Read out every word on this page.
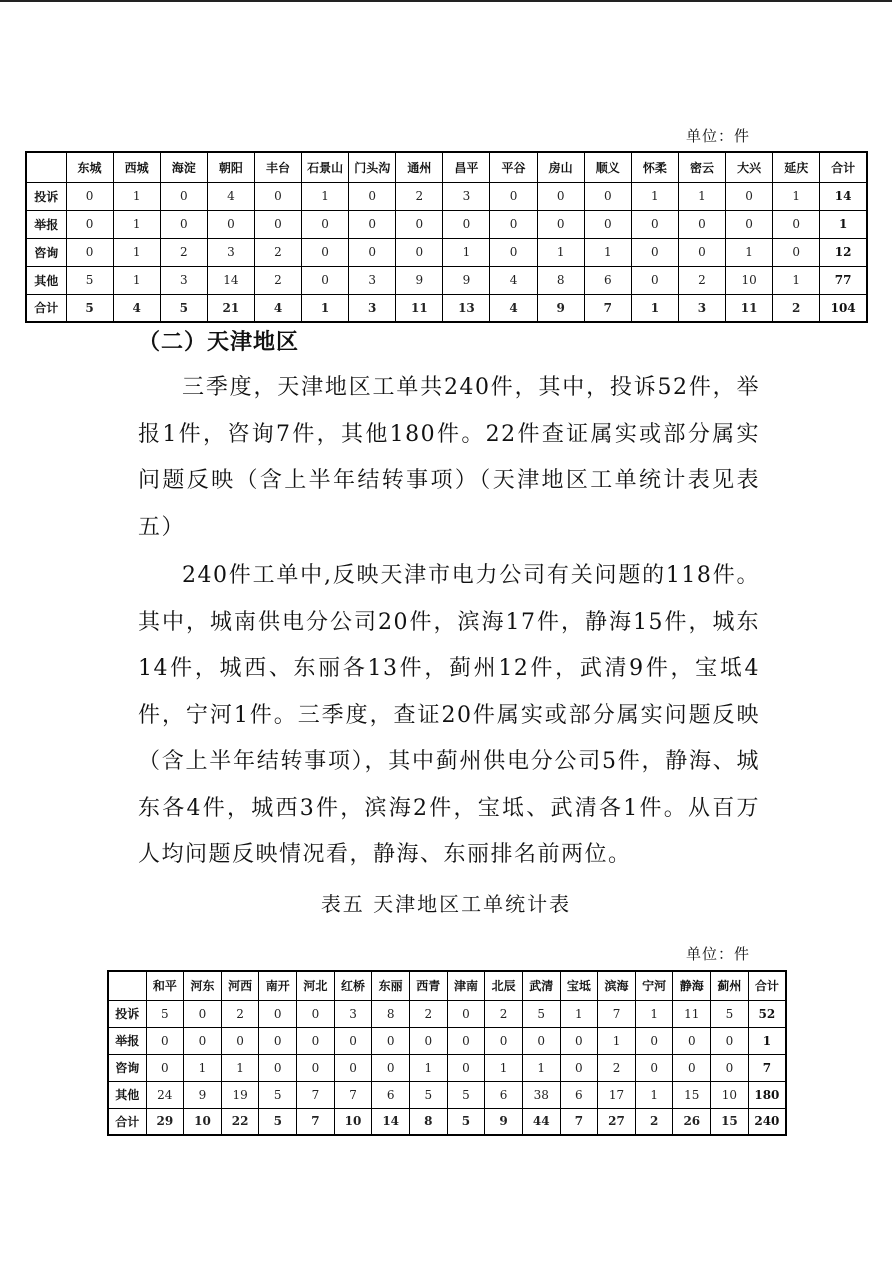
单位：件
	东城	西城	海淀	朝阳	丰台	石景山	门头沟	通州	昌平	平谷	房山	顺义	怀柔	密云	大兴	延庆	合计
投诉	0	1	0	4	0	1	0	2	3	0	0	0	1	1	0	1	14
举报	0	1	0	0	0	0	0	0	0	0	0	0	0	0	0	0	1
咨询	0	1	2	3	2	0	0	0	1	0	1	1	0	0	1	0	12
其他	5	1	3	14	2	0	3	9	9	4	8	6	0	2	10	1	77
合计	5	4	5	21	4	1	3	11	13	4	9	7	1	3	11	2	104
（二）天津地区
三季度，天津地区工单共240件，其中，投诉52件，举报1件，咨询7件，其他180件。22件查证属实或部分属实问题反映（含上半年结转事项）（天津地区工单统计表见表五）
240件工单中,反映天津市电力公司有关问题的118件。其中，城南供电分公司20件，滨海17件，静海15件，城东14件，城西、东丽各13件，蓟州12件，武清9件，宝坻4件，宁河1件。三季度，查证20件属实或部分属实问题反映（含上半年结转事项），其中蓟州供电分公司5件，静海、城东各4件，城西3件，滨海2件，宝坻、武清各1件。从百万人均问题反映情况看，静海、东丽排名前两位。
表五 天津地区工单统计表
单位：件
	和平	河东	河西	南开	河北	红桥	东丽	西青	津南	北辰	武清	宝坻	滨海	宁河	静海	蓟州	合计
投诉	5	0	2	0	0	3	8	2	0	2	5	1	7	1	11	5	52
举报	0	0	0	0	0	0	0	0	0	0	0	0	1	0	0	0	1
咨询	0	1	1	0	0	0	0	1	0	1	1	0	2	0	0	0	7
其他	24	9	19	5	7	7	6	5	5	6	38	6	17	1	15	10	180
合计	29	10	22	5	7	10	14	8	5	9	44	7	27	2	26	15	240
